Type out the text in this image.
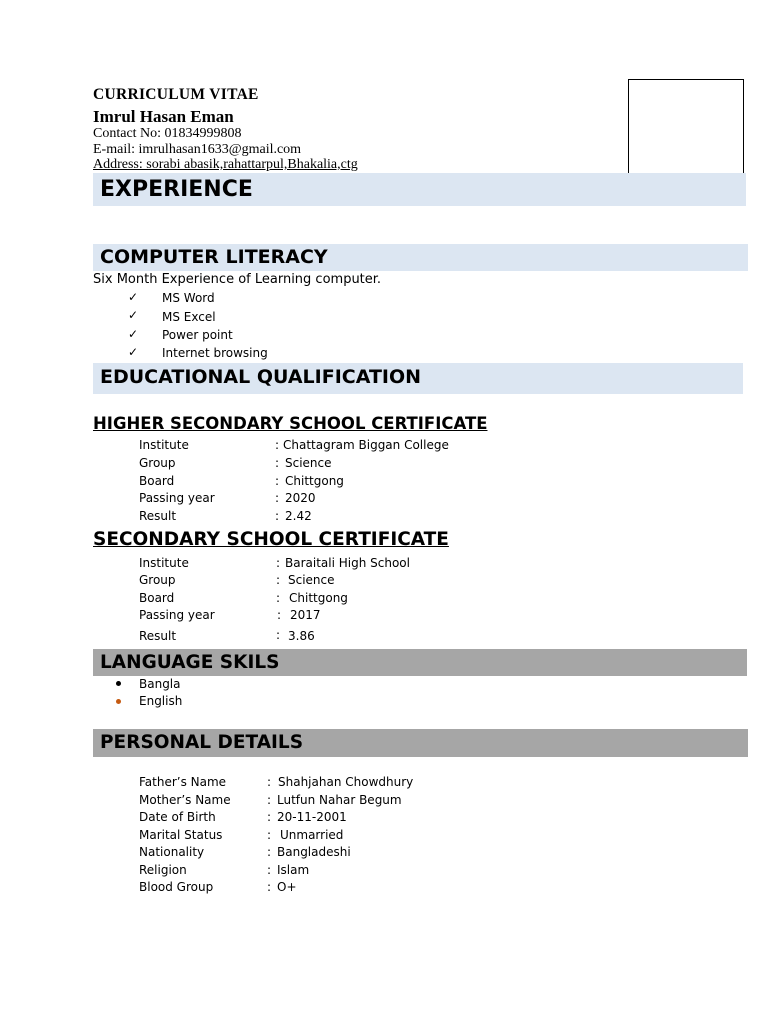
CURRICULUM VITAE
Imrul Hasan Eman
Contact No: 01834999808
E-mail: imrulhasan1633@gmail.com
Address: sorabi abasik,rahattarpul,Bhakalia,ctg
EXPERIENCE
COMPUTER LITERACY
Six Month Experience of Learning computer.
✓ MS Word
✓ MS Excel
✓ Power point
✓ Internet browsing
EDUCATIONAL QUALIFICATION
HIGHER SECONDARY SCHOOL CERTIFICATE
Institute	: Chattagram Biggan College
Group	: Science
Board	: Chittgong
Passing year	: 2020
Result	: 2.42
SECONDARY SCHOOL CERTIFICATE
Institute	: Baraitali High School
Group	: Science
Board	: Chittgong
Passing year	: 2017
Result	: 3.86
LANGUAGE SKILS
Bangla
English
PERSONAL DETAILS
Father’s Name	: Shahjahan Chowdhury
Mother’s Name	: Lutfun Nahar Begum
Date of Birth	: 20-11-2001
Marital Status	: Unmarried
Nationality	: Bangladeshi
Religion	: Islam
Blood Group	: O+
